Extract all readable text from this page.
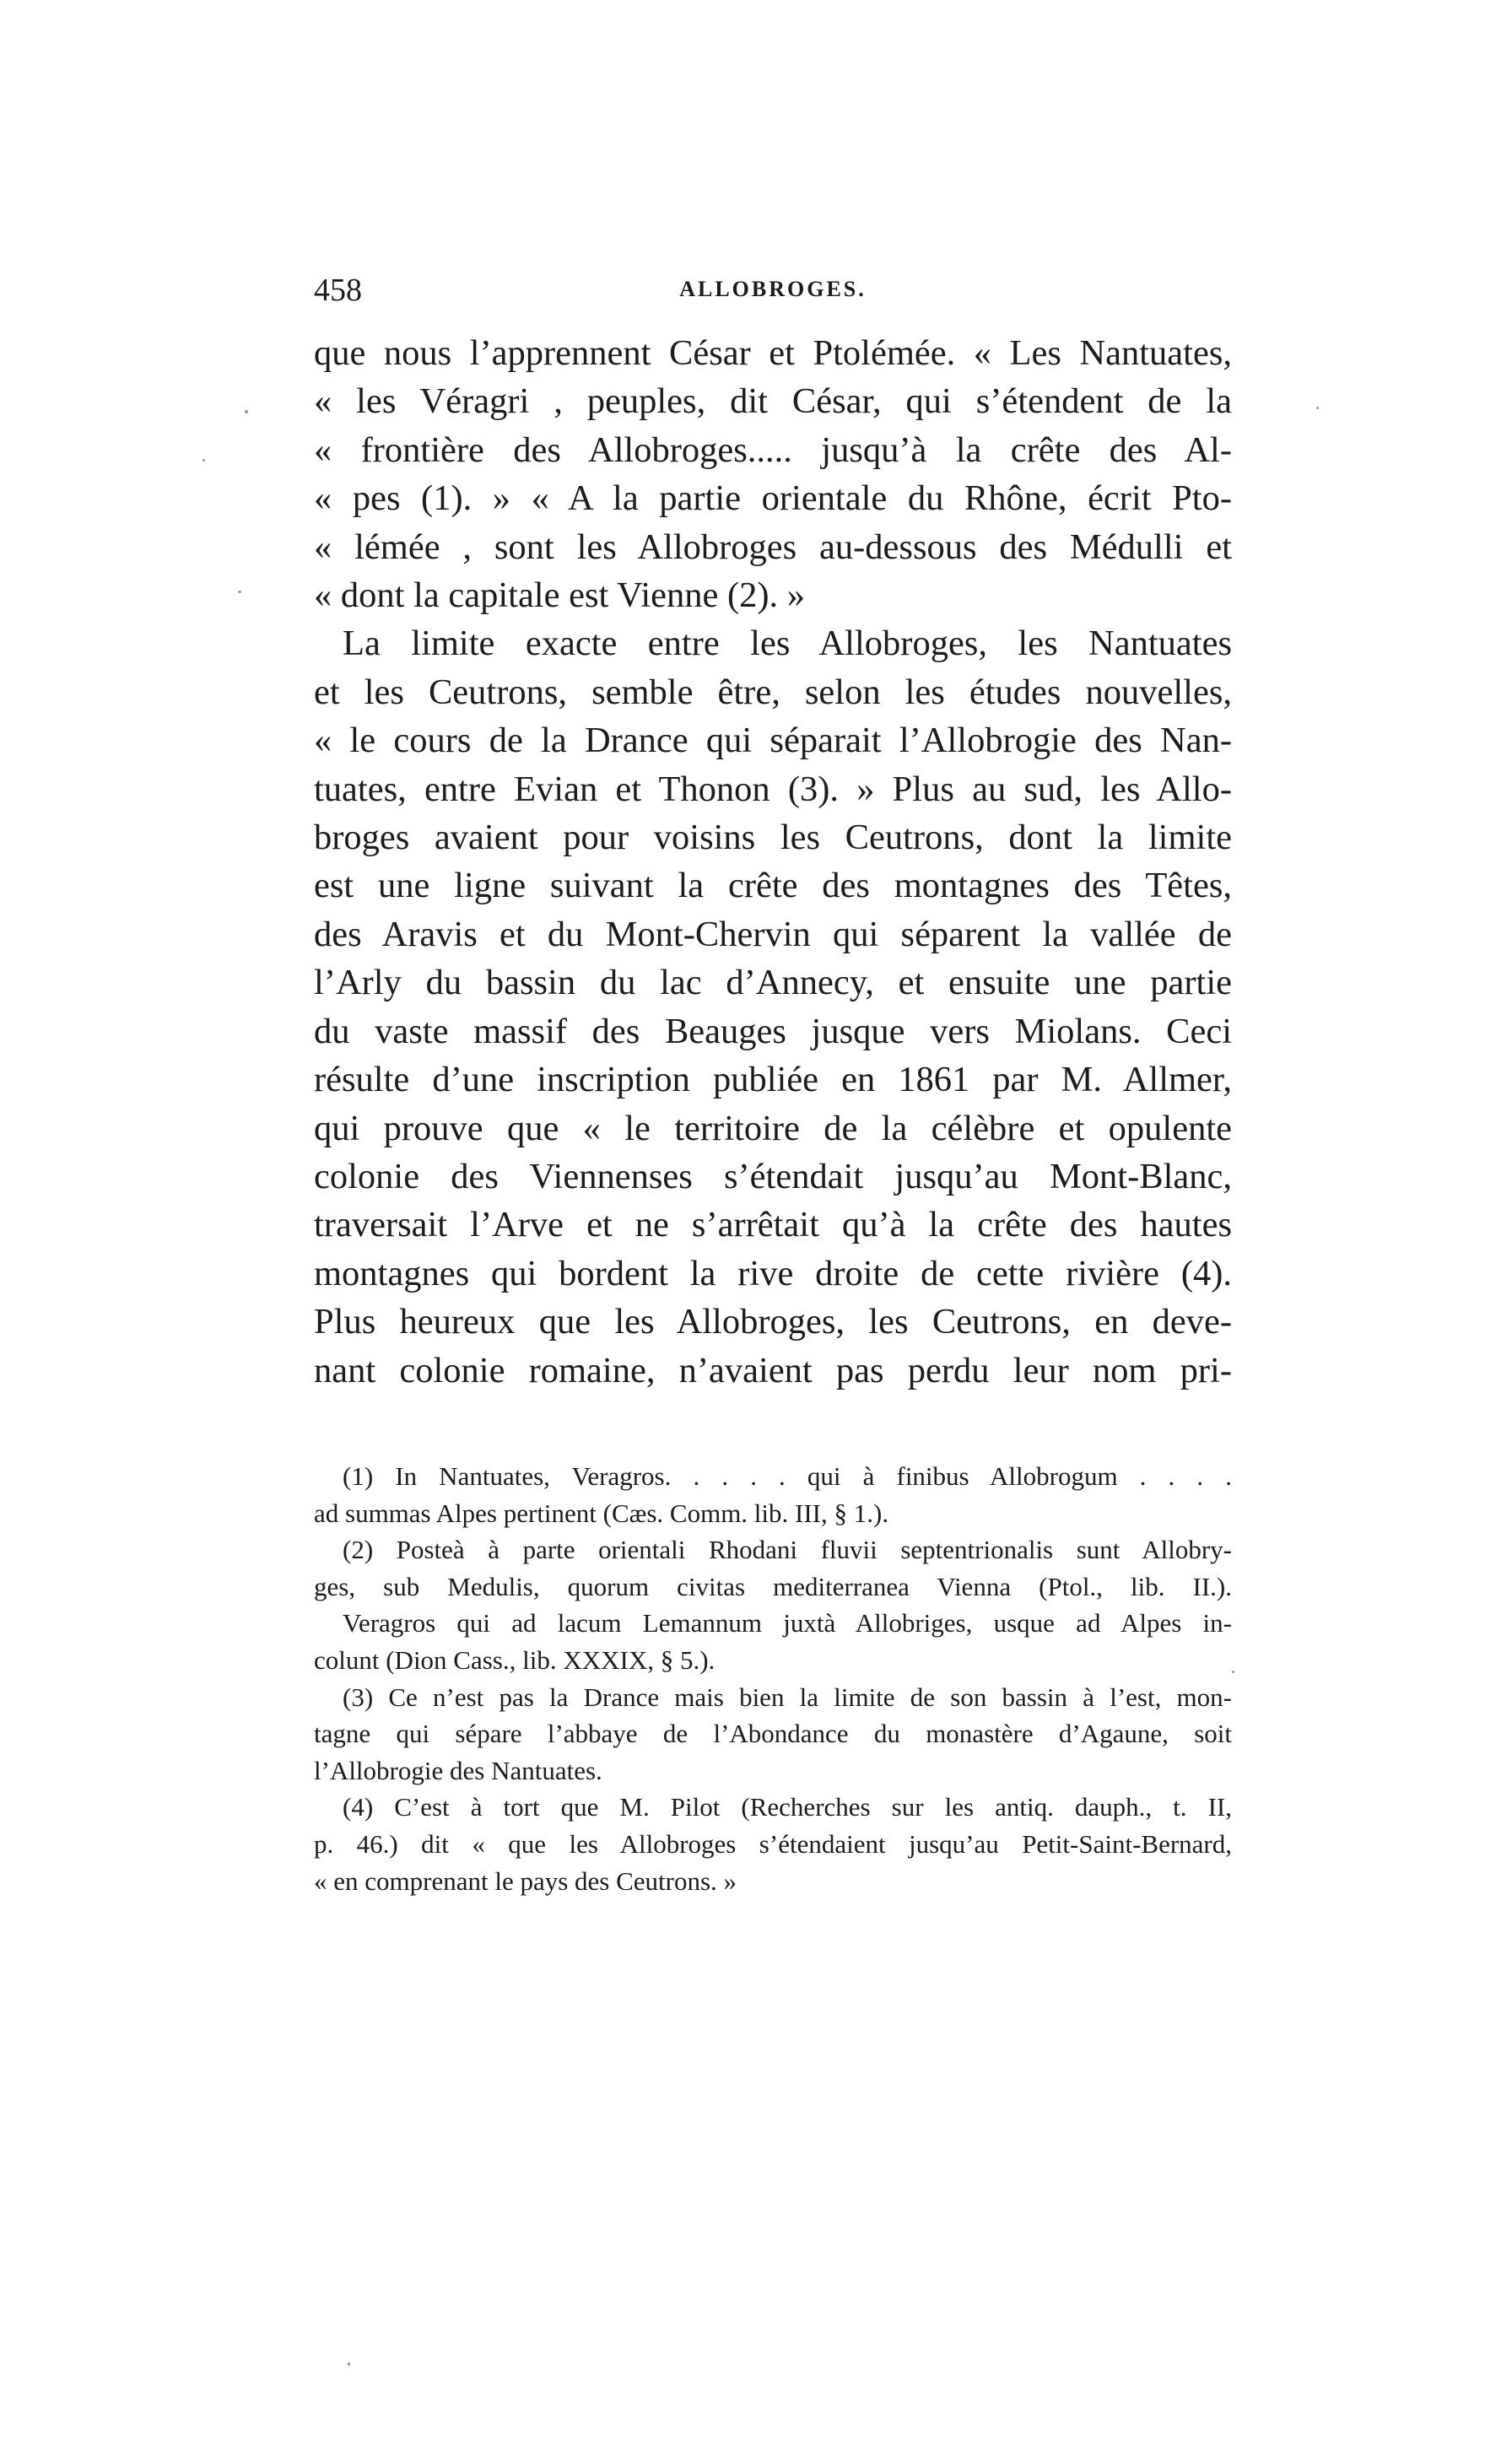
458	ALLOBROGES.
que nous l’apprennent César et Ptolémée. « Les Nantuates,
« les Véragri , peuples, dit César, qui s’étendent de la
« frontière des Allobroges..... jusqu’à la crête des Al-
« pes (1). » « A la partie orientale du Rhône, écrit Pto-
« lémée , sont les Allobroges au-dessous des Médulli et
« dont la capitale est Vienne (2). »
La limite exacte entre les Allobroges, les Nantuates
et les Ceutrons, semble être, selon les études nouvelles,
« le cours de la Drance qui séparait l’Allobrogie des Nan-
tuates, entre Evian et Thonon (3). » Plus au sud, les Allo-
broges avaient pour voisins les Ceutrons, dont la limite
est une ligne suivant la crête des montagnes des Têtes,
des Aravis et du Mont-Chervin qui séparent la vallée de
l’Arly du bassin du lac d’Annecy, et ensuite une partie
du vaste massif des Beauges jusque vers Miolans. Ceci
résulte d’une inscription publiée en 1861 par M. Allmer,
qui prouve que « le territoire de la célèbre et opulente
colonie des Viennenses s’étendait jusqu’au Mont-Blanc,
traversait l’Arve et ne s’arrêtait qu’à la crête des hautes
montagnes qui bordent la rive droite de cette rivière (4).
Plus heureux que les Allobroges, les Ceutrons, en deve-
nant colonie romaine, n’avaient pas perdu leur nom pri-
(1) In Nantuates, Veragros. . . . . qui à finibus Allobrogum . . . .
ad summas Alpes pertinent (Cæs. Comm. lib. III, § 1.).
(2) Posteà à parte orientali Rhodani fluvii septentrionalis sunt Allobry-
ges, sub Medulis, quorum civitas mediterranea Vienna (Ptol., lib. II.).
Veragros qui ad lacum Lemannum juxtà Allobriges, usque ad Alpes in-
colunt (Dion Cass., lib. XXXIX, § 5.).
(3) Ce n’est pas la Drance mais bien la limite de son bassin à l’est, mon-
tagne qui sépare l’abbaye de l’Abondance du monastère d’Agaune, soit
l’Allobrogie des Nantuates.
(4) C’est à tort que M. Pilot (Recherches sur les antiq. dauph., t. II,
p. 46.) dit « que les Allobroges s’étendaient jusqu’au Petit-Saint-Bernard,
« en comprenant le pays des Ceutrons. »
